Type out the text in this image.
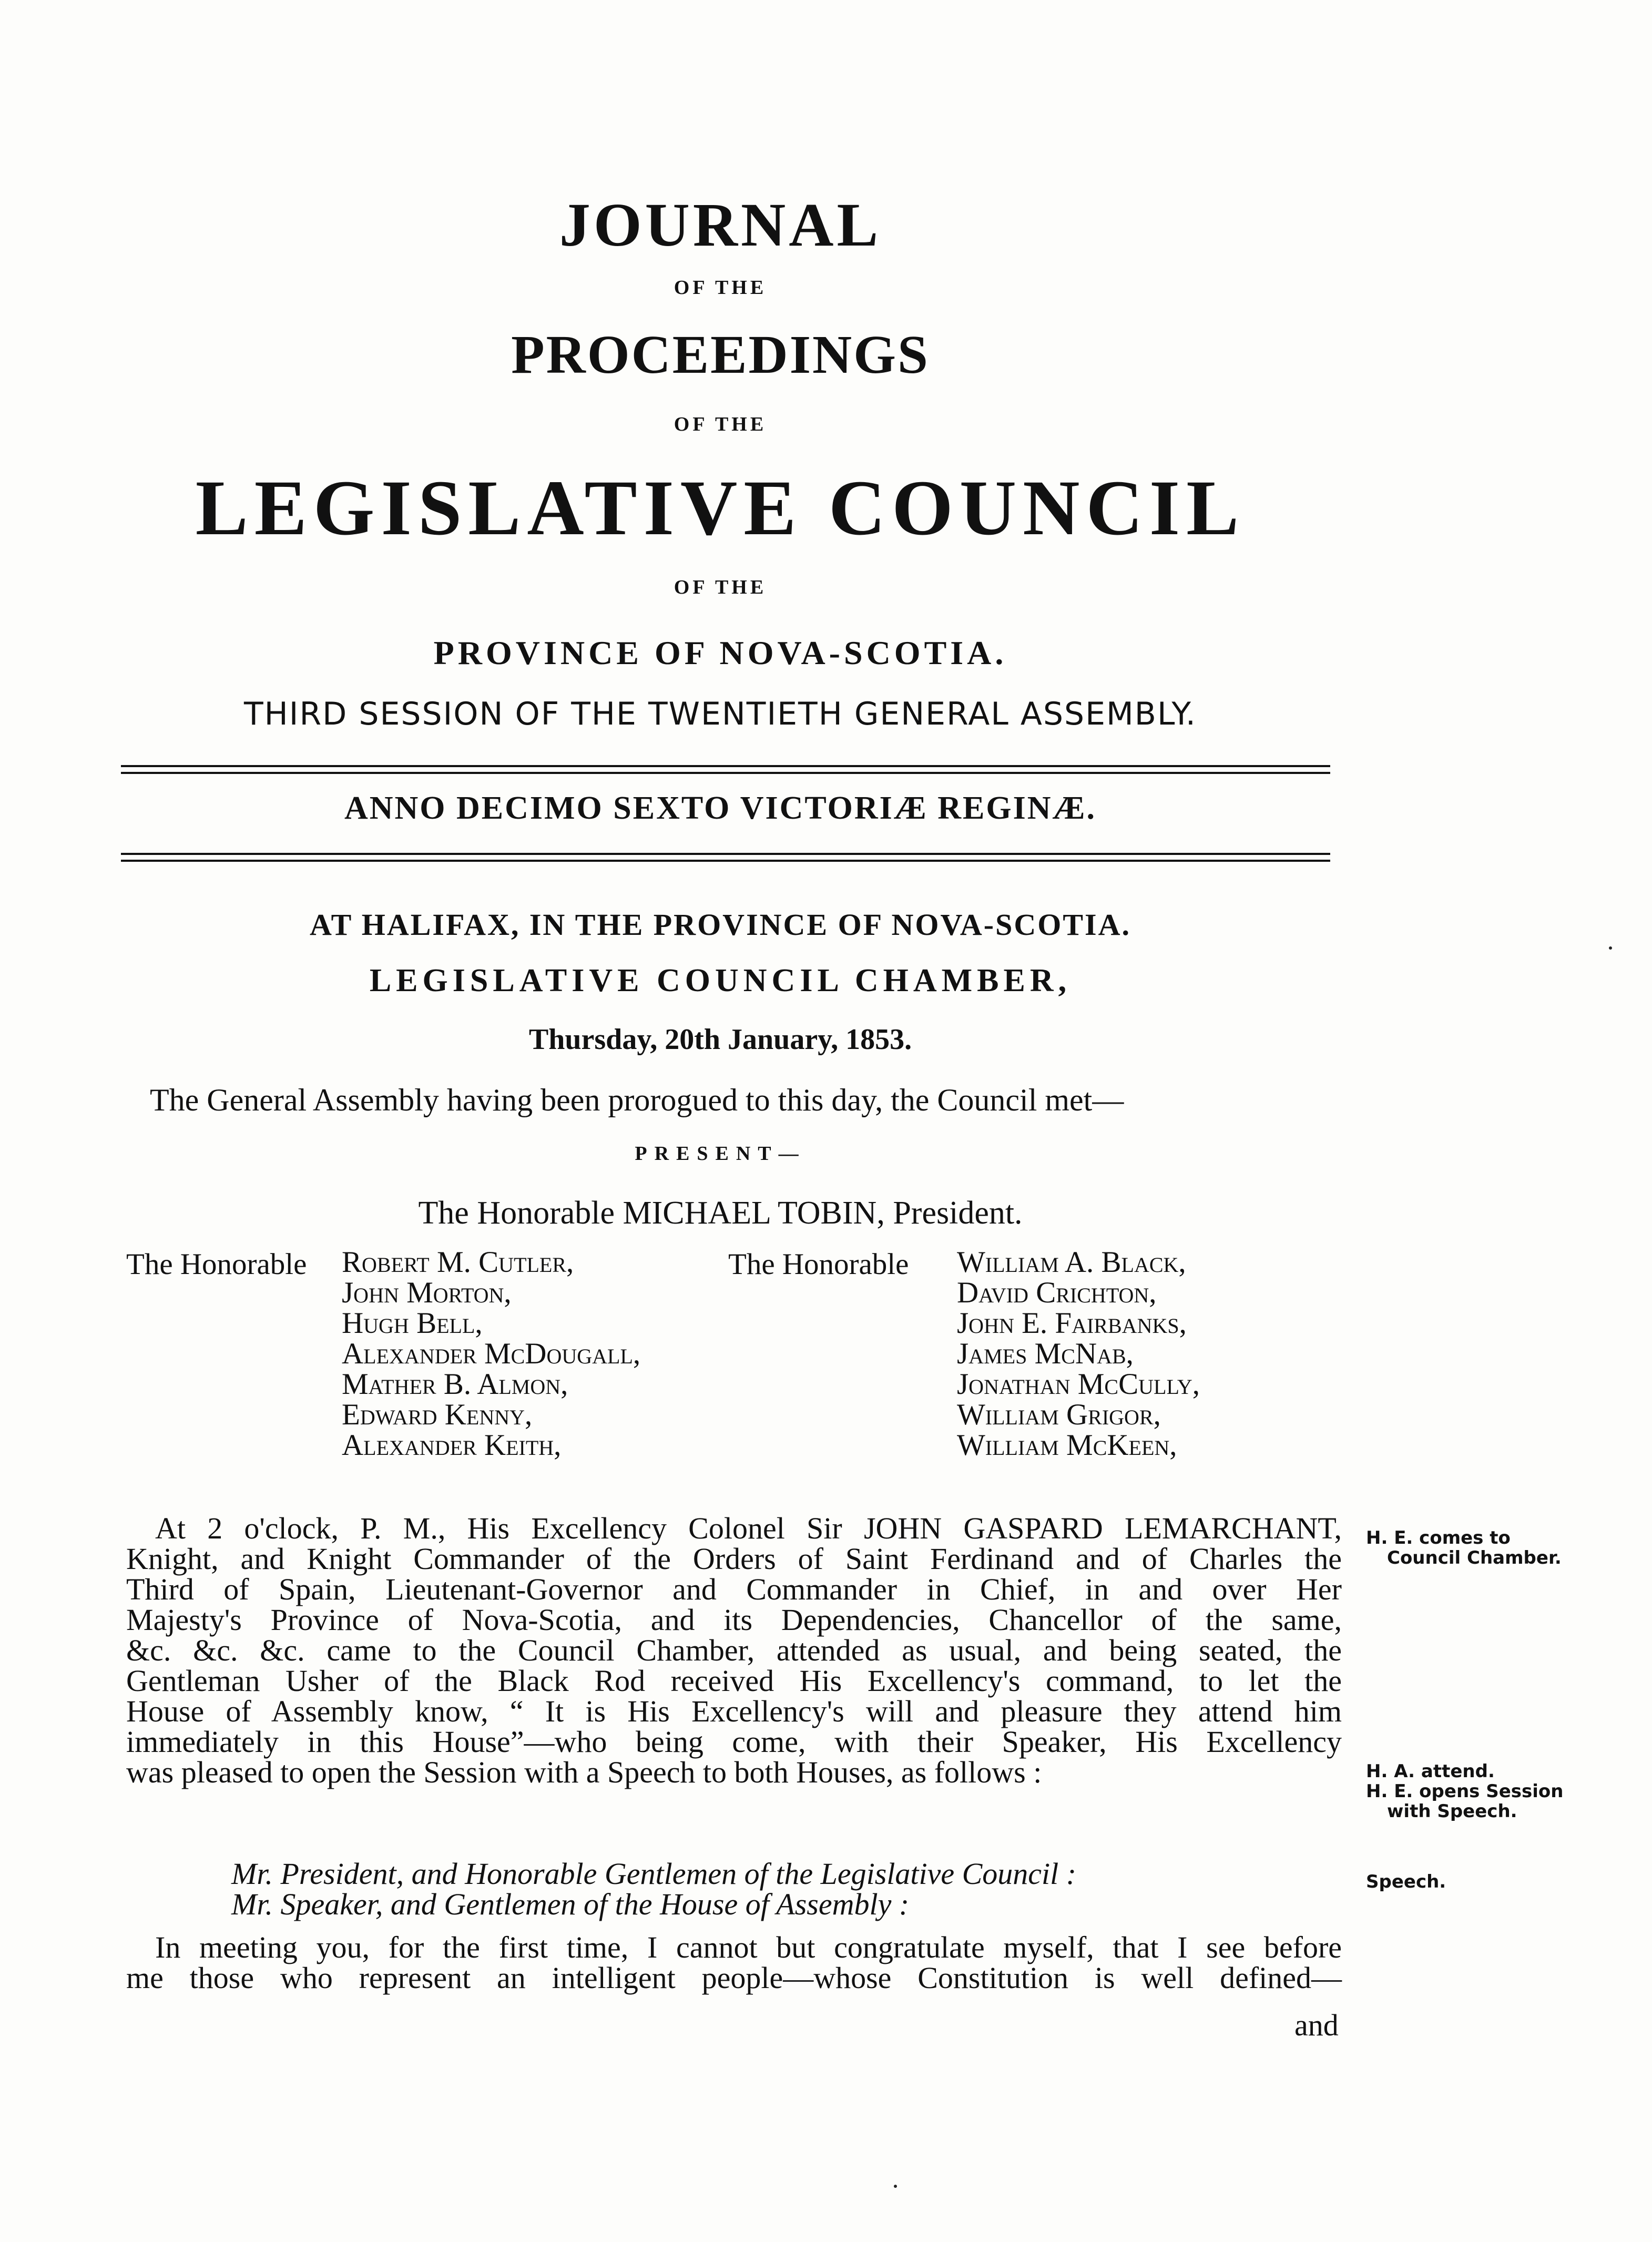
JOURNAL
OF THE
PROCEEDINGS
OF THE
LEGISLATIVE COUNCIL
OF THE
PROVINCE OF NOVA-SCOTIA.
THIRD SESSION OF THE TWENTIETH GENERAL ASSEMBLY.
ANNO DECIMO SEXTO VICTORIÆ REGINÆ.
AT HALIFAX, IN THE PROVINCE OF NOVA-SCOTIA.
LEGISLATIVE COUNCIL CHAMBER,
Thursday, 20th January, 1853.
The General Assembly having been prorogued to this day, the Council met—
PRESENT—
The Honorable MICHAEL TOBIN, President.
The Honorable Robert M. Cutler,
John Morton,
Hugh Bell,
Alexander McDougall,
Mather B. Almon,
Edward Kenny,
Alexander Keith,
The Honorable William A. Black,
David Crichton,
John E. Fairbanks,
James McNab,
Jonathan McCully,
William Grigor,
William McKeen,
At 2 o'clock, P. M., His Excellency Colonel Sir JOHN GASPARD LEMARCHANT,
Knight, and Knight Commander of the Orders of Saint Ferdinand and of Charles the
Third of Spain, Lieutenant-Governor and Commander in Chief, in and over Her
Majesty's Province of Nova-Scotia, and its Dependencies, Chancellor of the same,
&c. &c. &c. came to the Council Chamber, attended as usual, and being seated, the
Gentleman Usher of the Black Rod received His Excellency's command, to let the
House of Assembly know, “ It is His Excellency's will and pleasure they attend him
immediately in this House”—who being come, with their Speaker, His Excellency
was pleased to open the Session with a Speech to both Houses, as follows :
H. E. comes to
Council Chamber.
H. A. attend.
H. E. opens Session
with Speech.
Speech.
Mr. President, and Honorable Gentlemen of the Legislative Council :
Mr. Speaker, and Gentlemen of the House of Assembly :
In meeting you, for the first time, I cannot but congratulate myself, that I see before
me those who represent an intelligent people—whose Constitution is well defined—
and
